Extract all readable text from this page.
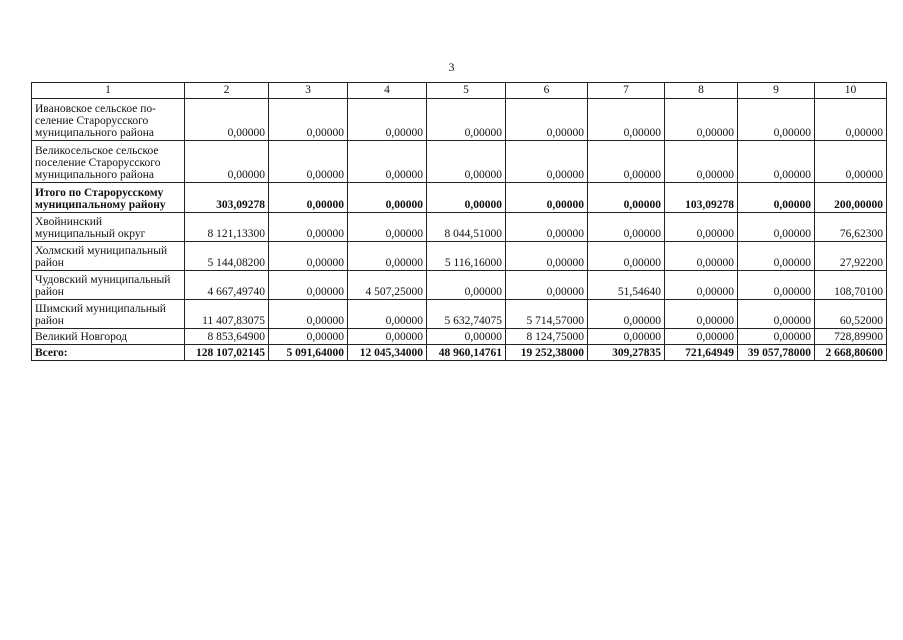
3
1	2	3	4	5	6	7	8	9	10
Ивановское сельское по-селение Старорусского муниципального района	0,00000	0,00000	0,00000	0,00000	0,00000	0,00000	0,00000	0,00000	0,00000
Великосельское сельское поселение Старорусского муниципального района	0,00000	0,00000	0,00000	0,00000	0,00000	0,00000	0,00000	0,00000	0,00000
Итого по Старорусскому муниципальному району	303,09278	0,00000	0,00000	0,00000	0,00000	0,00000	103,09278	0,00000	200,00000
Хвойнинский муниципальный округ	8 121,13300	0,00000	0,00000	8 044,51000	0,00000	0,00000	0,00000	0,00000	76,62300
Холмский муниципальный район	5 144,08200	0,00000	0,00000	5 116,16000	0,00000	0,00000	0,00000	0,00000	27,92200
Чудовский муниципальный район	4 667,49740	0,00000	4 507,25000	0,00000	0,00000	51,54640	0,00000	0,00000	108,70100
Шимский муниципальный район	11 407,83075	0,00000	0,00000	5 632,74075	5 714,57000	0,00000	0,00000	0,00000	60,52000
Великий Новгород	8 853,64900	0,00000	0,00000	0,00000	8 124,75000	0,00000	0,00000	0,00000	728,89900
Всего:	128 107,02145	5 091,64000	12 045,34000	48 960,14761	19 252,38000	309,27835	721,64949	39 057,78000	2 668,80600
